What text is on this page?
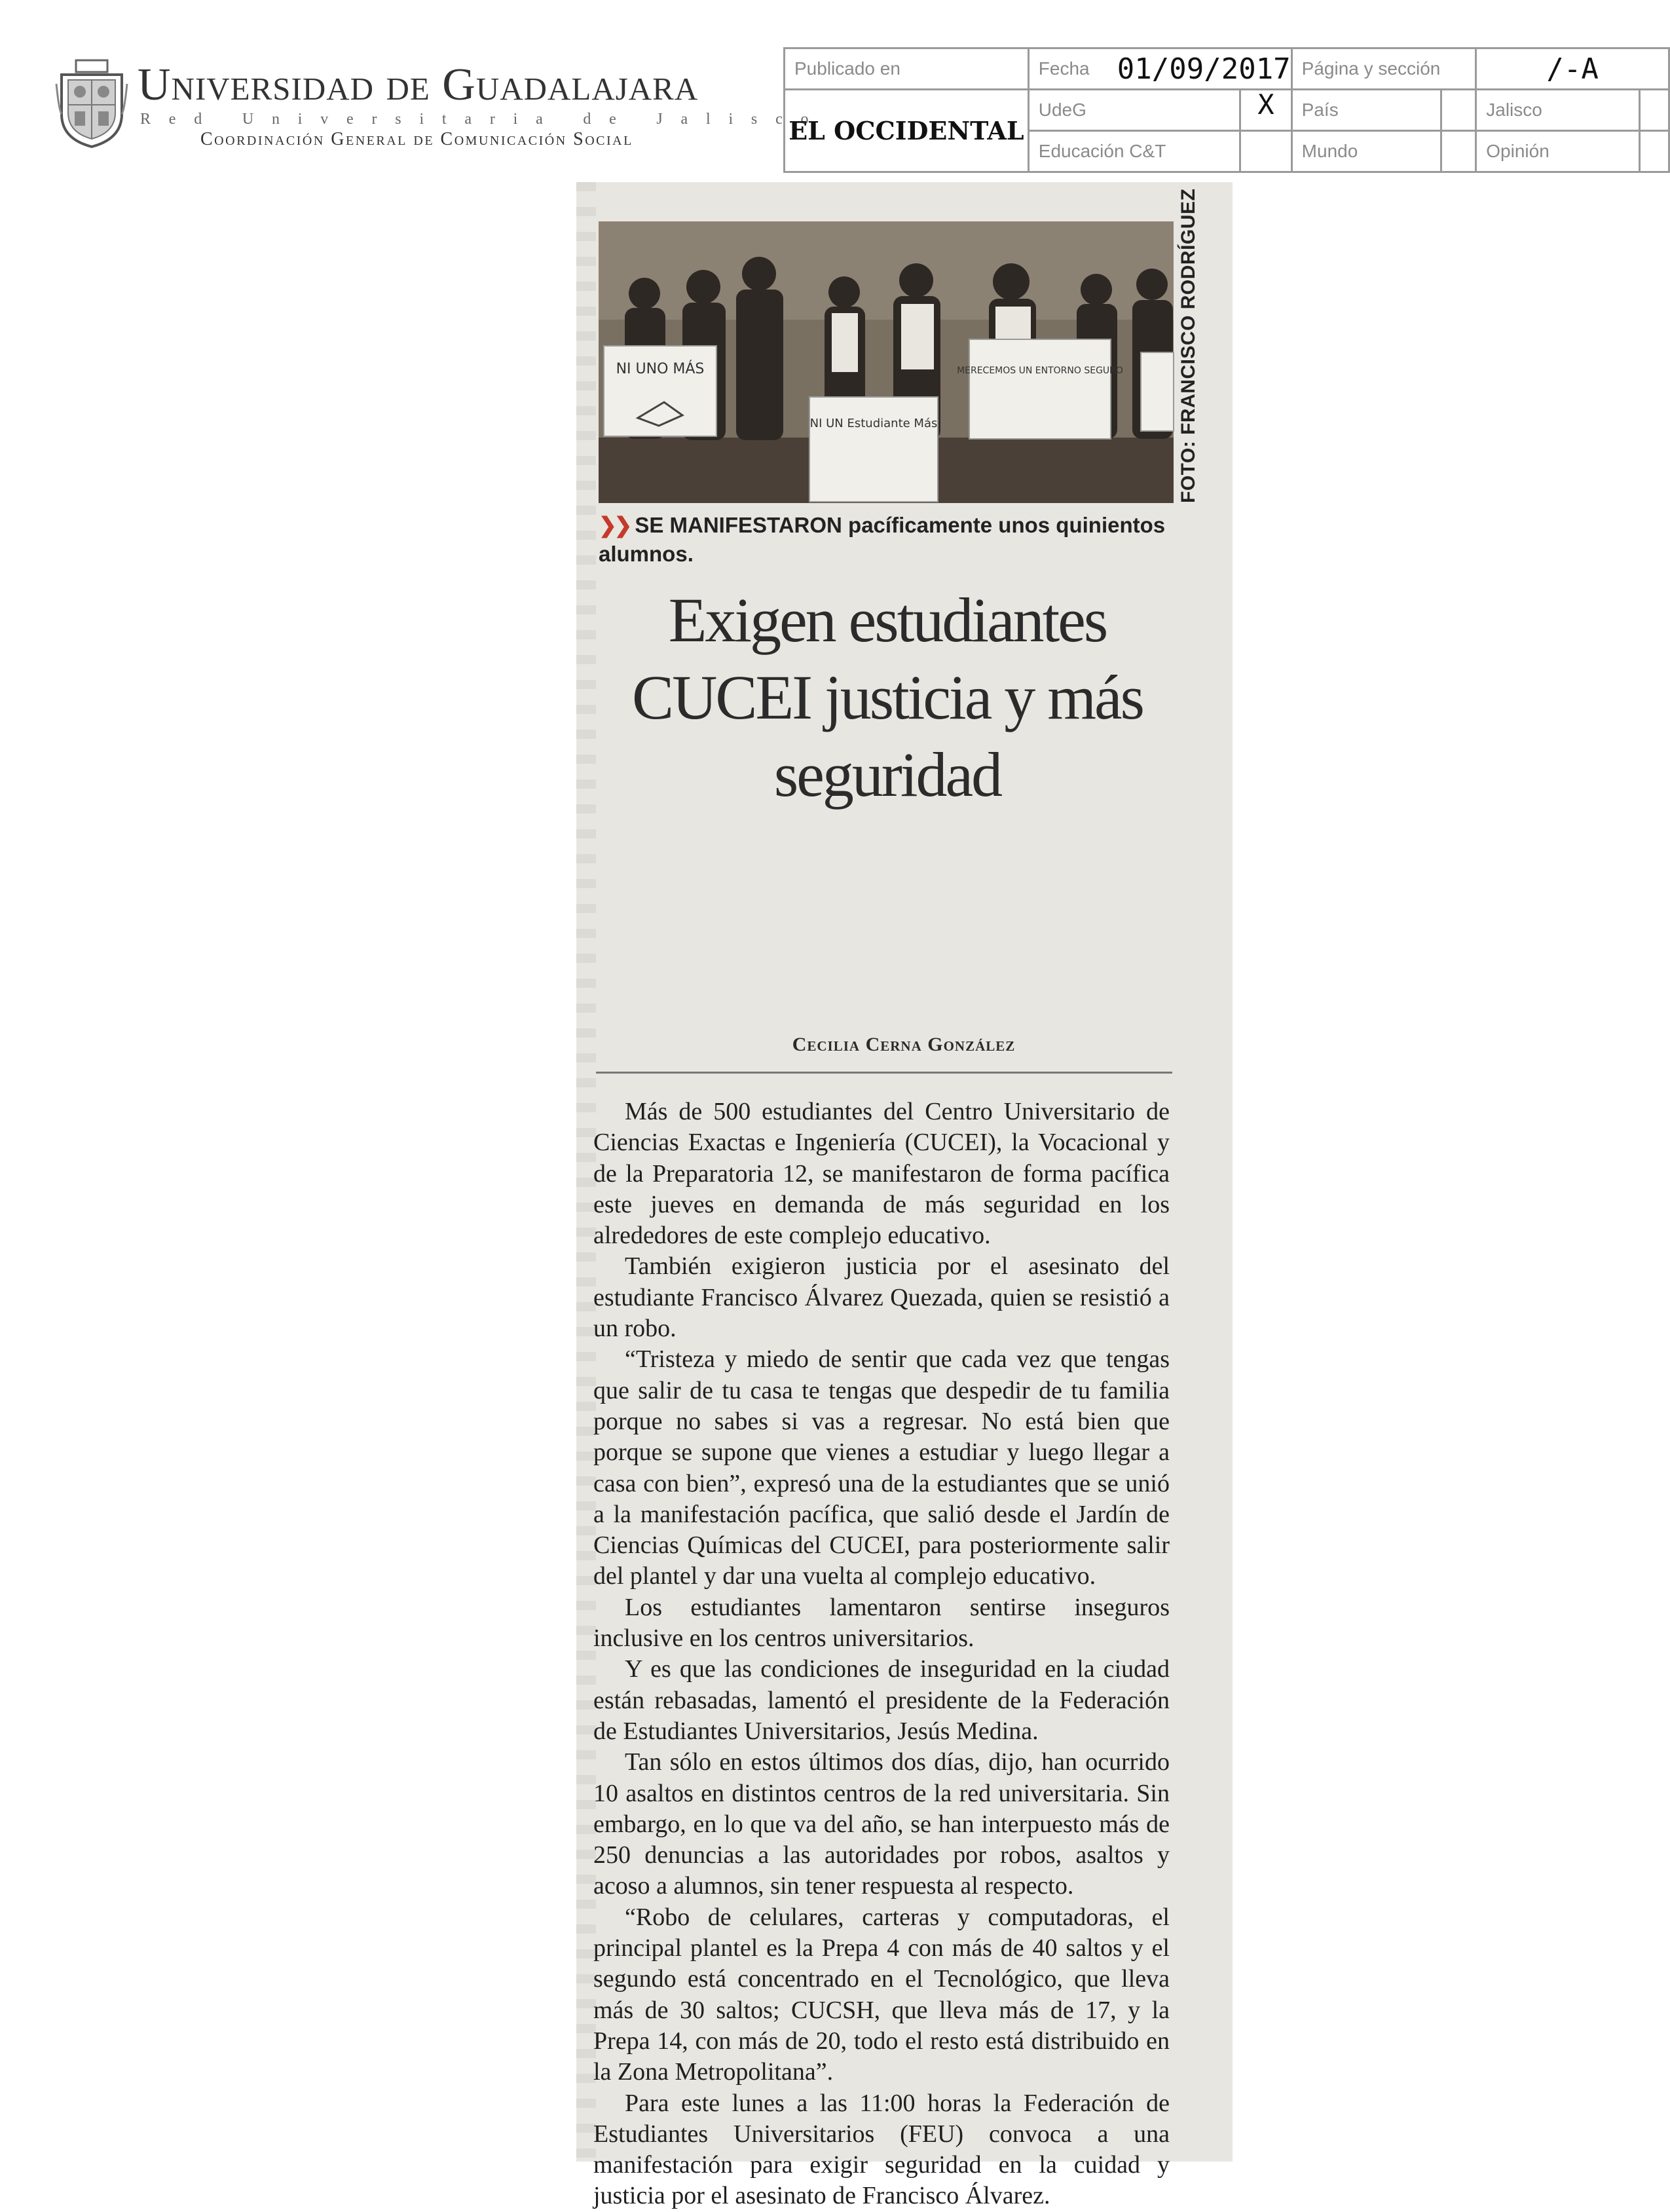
Universidad de Guadalajara
Red Universitaria de Jalisco
Coordinación General de Comunicación Social
Publicado en	Fecha 01/09/2017		Página y sección		/-A	
EL OCCIDENTAL	UdeG	X	País		Jalisco	
	Educación C&T		Mundo		Opinión	
NI UNO MÁS
NI UN Estudiante Más
MERECEMOS UN ENTORNO SEGURO	FOTO: FRANCISCO RODRÍGUEZ
❯❯ SE MANIFESTARON pacíficamente unos quinientos alumnos.
Exigen estudiantes CUCEI justicia y más seguridad
Cecilia Cerna González

Más de 500 estudiantes del Centro Universitario de Ciencias Exactas e Ingeniería (CUCEI), la Vocacional y de la Preparatoria 12, se manifestaron de forma pacífica este jueves en demanda de más seguridad en los alrededores de este complejo educativo.

También exigieron justicia por el asesinato del estudiante Francisco Álvarez Quezada, quien se resistió a un robo.

“Tristeza y miedo de sentir que cada vez que tengas que salir de tu casa te tengas que despedir de tu familia porque no sabes si vas a regresar. No está bien que porque se supone que vienes a estudiar y luego llegar a casa con bien”, expresó una de la estudiantes que se unió a la manifestación pacífica, que salió desde el Jardín de Ciencias Químicas del CUCEI, para posteriormente salir del plantel y dar una vuelta al complejo educativo.

Los estudiantes lamentaron sentirse inseguros inclusive en los centros universitarios.

Y es que las condiciones de inseguridad en la ciudad están rebasadas, lamentó el presidente de la Federación de Estudiantes Universitarios, Jesús Medina.

Tan sólo en estos últimos dos días, dijo, han ocurrido 10 asaltos en distintos centros de la red universitaria. Sin embargo, en lo que va del año, se han interpuesto más de 250 denuncias a las autoridades por robos, asaltos y acoso a alumnos, sin tener respuesta al respecto.

“Robo de celulares, carteras y computadoras, el principal plantel es la Prepa 4 con más de 40 saltos y el segundo está concentrado en el Tecnológico, que lleva más de 30 saltos; CUCSH, que lleva más de 17, y la Prepa 14, con más de 20, todo el resto está distribuido en la Zona Metropolitana”.

Para este lunes a las 11:00 horas la Federación de Estudiantes Universitarios (FEU) convoca a una manifestación para exigir seguridad en la cuidad y justicia por el asesinato de Francisco Álvarez.
